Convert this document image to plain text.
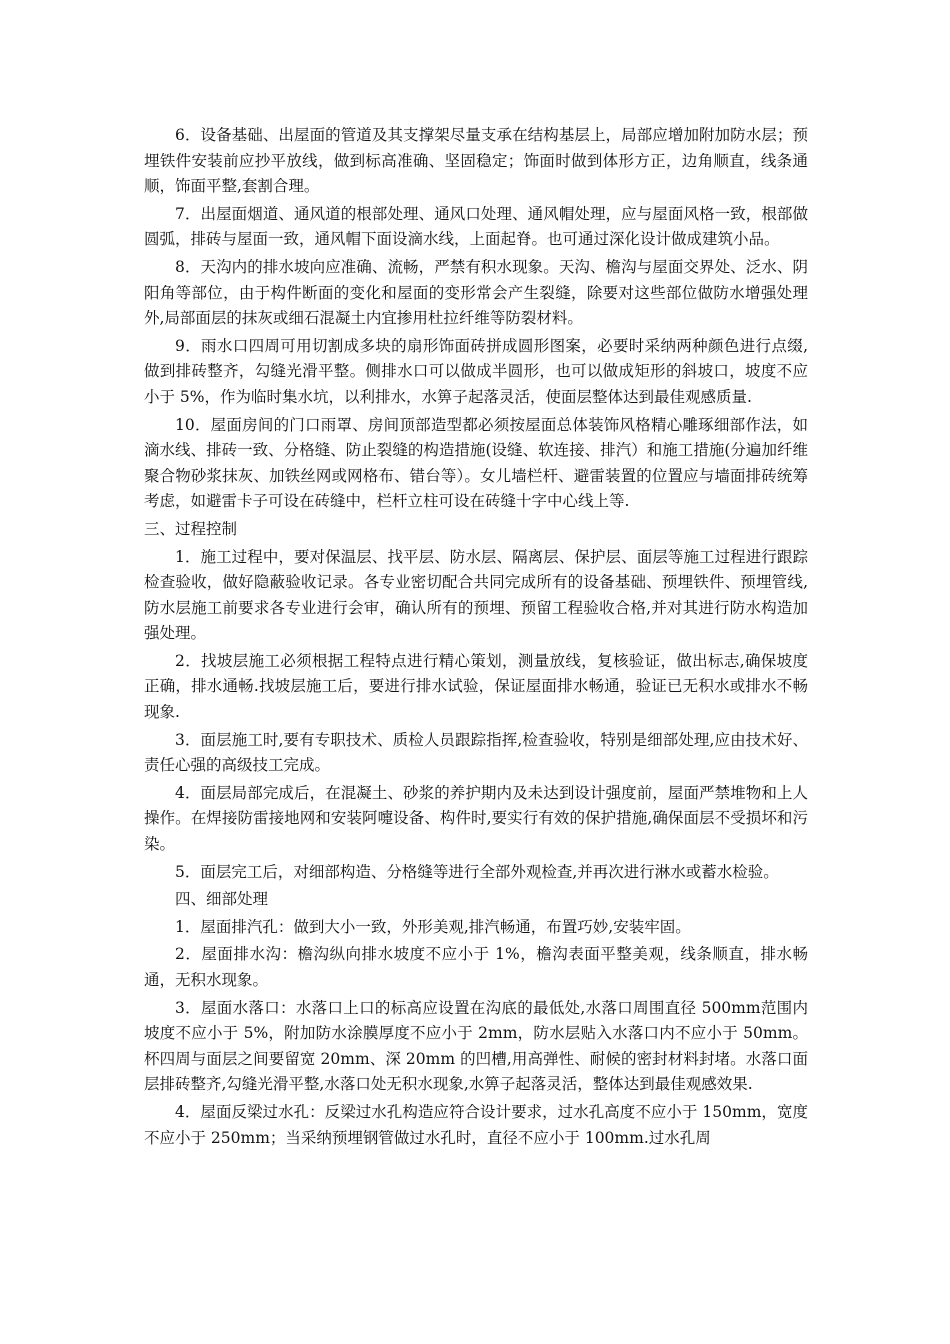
6．设备基础、出屋面的管道及其支撑架尽量支承在结构基层上，局部应增加附加防水层；预埋铁件安装前应抄平放线，做到标高准确、坚固稳定；饰面时做到体形方正，边角顺直，线条通顺，饰面平整,套割合理。

7．出屋面烟道、通风道的根部处理、通风口处理、通风帽处理，应与屋面风格一致，根部做圆弧，排砖与屋面一致，通风帽下面设滴水线，上面起脊。也可通过深化设计做成建筑小品。

8．天沟内的排水坡向应准确、流畅，严禁有积水现象。天沟、檐沟与屋面交界处、泛水、阴阳角等部位，由于构件断面的变化和屋面的变形常会产生裂缝，除要对这些部位做防水增强处理外,局部面层的抹灰或细石混凝土内宜掺用杜拉纤维等防裂材料。

9．雨水口四周可用切割成多块的扇形饰面砖拼成圆形图案，必要时采纳两种颜色进行点缀,做到排砖整齐，勾缝光滑平整。侧排水口可以做成半圆形，也可以做成矩形的斜坡口，坡度不应小于 5%，作为临时集水坑，以利排水，水箅子起落灵活，使面层整体达到最佳观感质量.

10．屋面房间的门口雨罩、房间顶部造型都必须按屋面总体装饰风格精心雕琢细部作法，如滴水线、排砖一致、分格缝、防止裂缝的构造措施(设缝、软连接、排汽）和施工措施(分遍加纤维聚合物砂浆抹灰、加铁丝网或网格布、错台等）。女儿墙栏杆、避雷装置的位置应与墙面排砖统筹考虑，如避雷卡子可设在砖缝中，栏杆立柱可设在砖缝十字中心线上等.

三、过程控制

1．施工过程中，要对保温层、找平层、防水层、隔离层、保护层、面层等施工过程进行跟踪检查验收，做好隐蔽验收记录。各专业密切配合共同完成所有的设备基础、预埋铁件、预埋管线,防水层施工前要求各专业进行会审，确认所有的预埋、预留工程验收合格,并对其进行防水构造加强处理。

2．找坡层施工必须根据工程特点进行精心策划，测量放线，复核验证，做出标志,确保坡度正确，排水通畅.找坡层施工后，要进行排水试验，保证屋面排水畅通，验证已无积水或排水不畅现象.

3．面层施工时,要有专职技术、质检人员跟踪指挥,检查验收，特别是细部处理,应由技术好、责任心强的高级技工完成。

4．面层局部完成后，在混凝土、砂浆的养护期内及未达到设计强度前，屋面严禁堆物和上人操作。在焊接防雷接地网和安装阿嚏设备、构件时,要实行有效的保护措施,确保面层不受损坏和污染。

5．面层完工后，对细部构造、分格缝等进行全部外观检查,并再次进行淋水或蓄水检验。

四、细部处理

1．屋面排汽孔：做到大小一致，外形美观,排汽畅通，布置巧妙,安装牢固。

2．屋面排水沟：檐沟纵向排水坡度不应小于 1%，檐沟表面平整美观，线条顺直，排水畅通，无积水现象。

3．屋面水落口：水落口上口的标高应设置在沟底的最低处,水落口周围直径 500mm范围内坡度不应小于 5%，附加防水涂膜厚度不应小于 2mm，防水层贴入水落口内不应小于 50mm。杯四周与面层之间要留宽 20mm、深 20mm 的凹槽,用高弹性、耐候的密封材料封堵。水落口面层排砖整齐,勾缝光滑平整,水落口处无积水现象,水箅子起落灵活，整体达到最佳观感效果.

4．屋面反梁过水孔：反梁过水孔构造应符合设计要求，过水孔高度不应小于 150mm，宽度不应小于 250mm；当采纳预埋钢管做过水孔时，直径不应小于 100mm.过水孔周
